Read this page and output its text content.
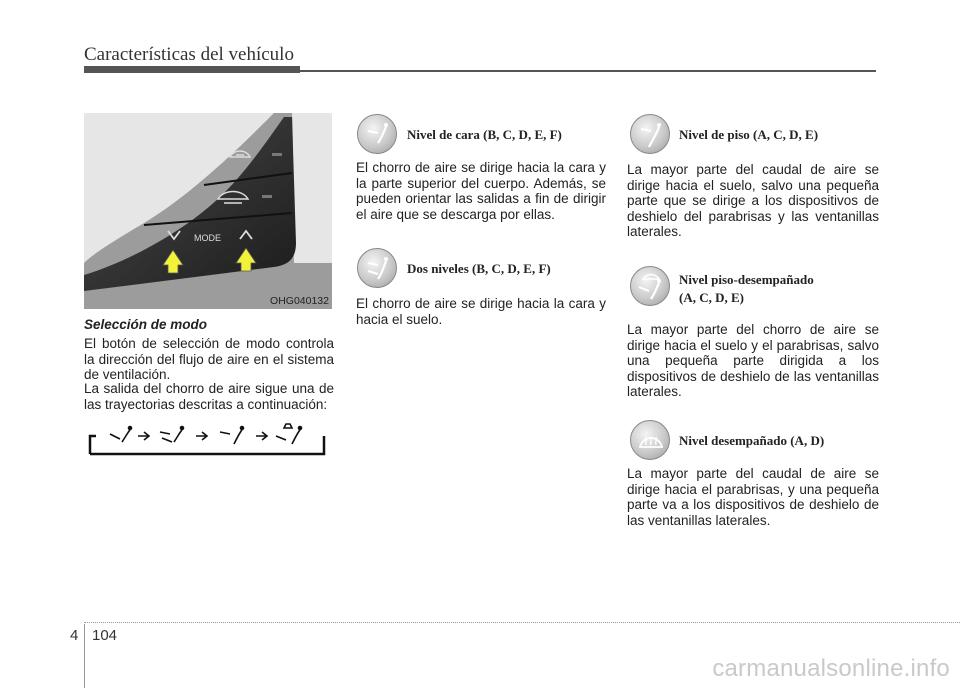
Características del vehículo
MODE
OHG040132
Selección de modo
El botón de selección de modo controla la dirección del flujo de aire en el sistema de ventilación.
La salida del chorro de aire sigue una de las trayectorias descritas a continuación:
Nivel de cara (B, C, D, E, F)
El chorro de aire se dirige hacia la cara y la parte superior del cuerpo. Además, se pueden orientar las salidas a fin de dirigir el aire que se descarga por ellas.
Dos niveles (B, C, D, E, F)
El chorro de aire se dirige hacia la cara y hacia el suelo.
Nivel de piso (A, C, D, E)
La mayor parte del caudal de aire se dirige hacia el suelo, salvo una pequeña parte que se dirige a los dispositivos de deshielo del parabrisas y las ventanillas laterales.
Nivel piso-desempañado
(A, C, D, E)
La mayor parte del chorro de aire se dirige hacia el suelo y el parabrisas, salvo una pequeña parte dirigida a los dispositivos de deshielo de las ventanillas laterales.
Nivel desempañado (A, D)
La mayor parte del caudal de aire se dirige hacia el parabrisas, y una pequeña parte va a los dispositivos de deshielo de las ventanillas laterales.
4 104
carmanualsonline.info
